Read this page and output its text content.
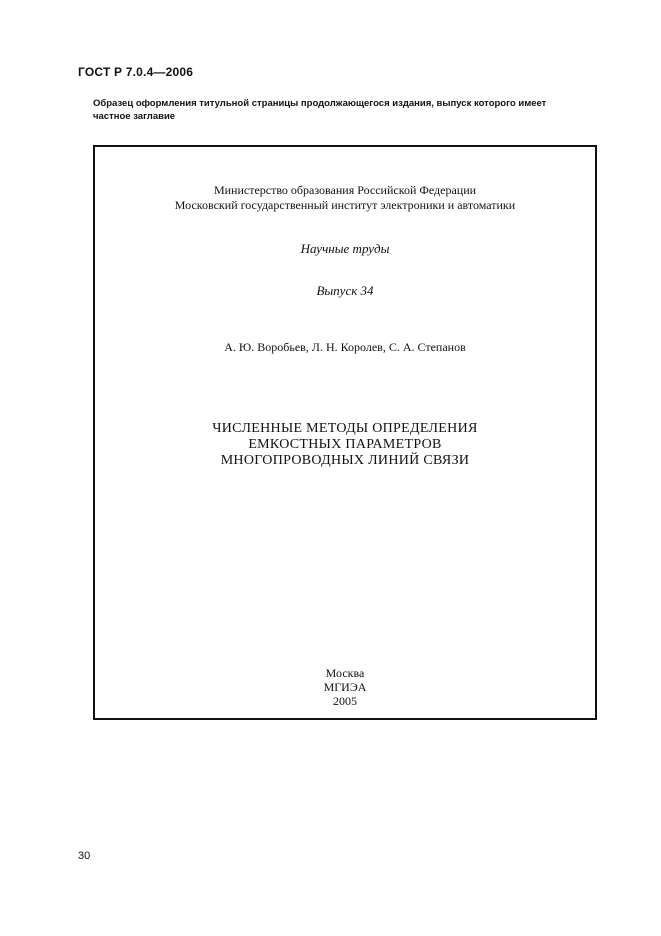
ГОСТ Р 7.0.4—2006
Образец оформления титульной страницы продолжающегося издания, выпуск которого имеет
частное заглавие
Министерство образования Российской Федерации
Московский государственный институт электроники и автоматики
Научные труды
Выпуск 34
А. Ю. Воробьев, Л. Н. Королев, С. А. Степанов
ЧИСЛЕННЫЕ МЕТОДЫ ОПРЕДЕЛЕНИЯ
ЕМКОСТНЫХ ПАРАМЕТРОВ
МНОГОПРОВОДНЫХ ЛИНИЙ СВЯЗИ
Москва
МГИЭА
2005
30
